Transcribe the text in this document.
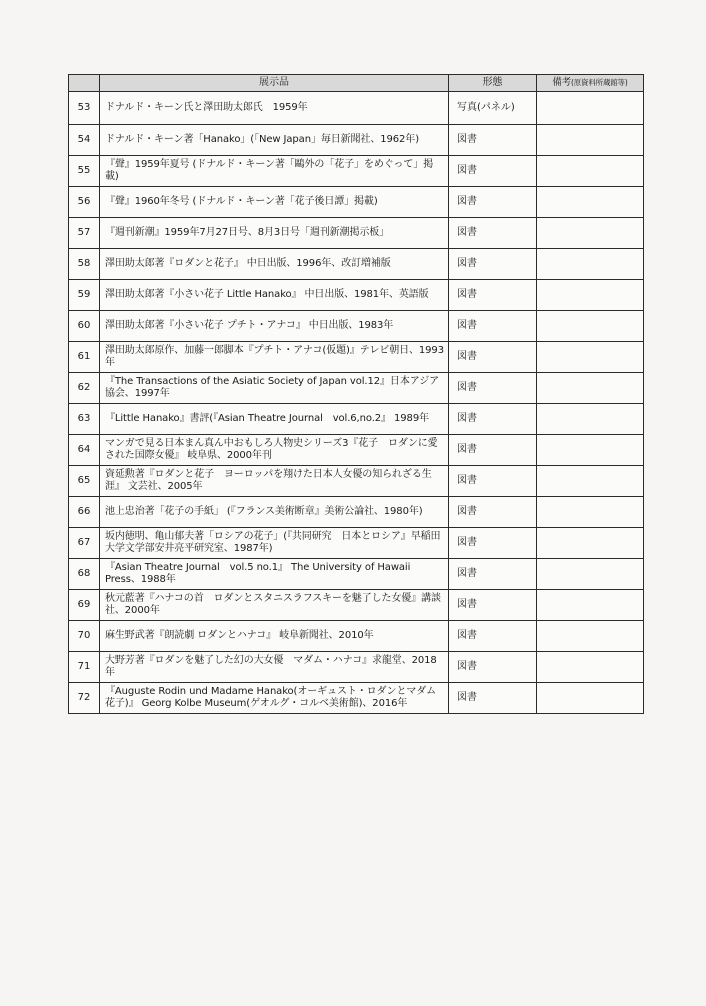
	展示品	形態	備考(原資料所蔵館等)
53	ドナルド・キーン氏と澤田助太郎氏　1959年	写真(パネル)	
54	ドナルド・キーン著「Hanako」(「New Japan」毎日新聞社、1962年)	図書	
55	『聲』1959年夏号 (ドナルド・キーン著「鷗外の「花子」をめぐって」掲載)	図書	
56	『聲』1960年冬号 (ドナルド・キーン著「花子後日譚」掲載)	図書	
57	『週刊新潮』1959年7月27日号、8月3日号「週刊新潮掲示板」	図書	
58	澤田助太郎著『ロダンと花子』 中日出版、1996年、改訂増補版	図書	
59	澤田助太郎著『小さい花子 Little Hanako』 中日出版、1981年、英語版	図書	
60	澤田助太郎著『小さい花子 プチト・アナコ』 中日出版、1983年	図書	
61	澤田助太郎原作、加藤一郎脚本『プチト・アナコ(仮題)』テレビ朝日、1993年	図書	
62	『The Transactions of the Asiatic Society of Japan vol.12』日本アジア協会、1997年	図書	
63	『Little Hanako』書評(『Asian Theatre Journal　vol.6,no.2』 1989年	図書	
64	マンガで見る日本まん真ん中おもしろ人物史シリーズ3『花子　ロダンに愛された国際女優』 岐阜県、2000年刊	図書	
65	資延勲著『ロダンと花子　ヨーロッパを翔けた日本人女優の知られざる生涯』 文芸社、2005年	図書	
66	池上忠治著「花子の手紙」 (『フランス美術断章』美術公論社、1980年)	図書	
67	坂内徳明、亀山郁夫著「ロシアの花子」(『共同研究　日本とロシア』早稲田大学文学部安井亮平研究室、1987年)	図書	
68	『Asian Theatre Journal　vol.5 no.1』 The University of Hawaii Press、1988年	図書	
69	秋元藍著『ハナコの首　ロダンとスタニスラフスキーを魅了した女優』講談社、2000年	図書	
70	麻生野武著『朗読劇 ロダンとハナコ』 岐阜新聞社、2010年	図書	
71	大野芳著『ロダンを魅了した幻の大女優　マダム・ハナコ』求龍堂、2018年	図書	
72	『Auguste Rodin und Madame Hanako(オーギュスト・ロダンとマダム花子)』 Georg Kolbe Museum(ゲオルグ・コルベ美術館)、2016年	図書	
